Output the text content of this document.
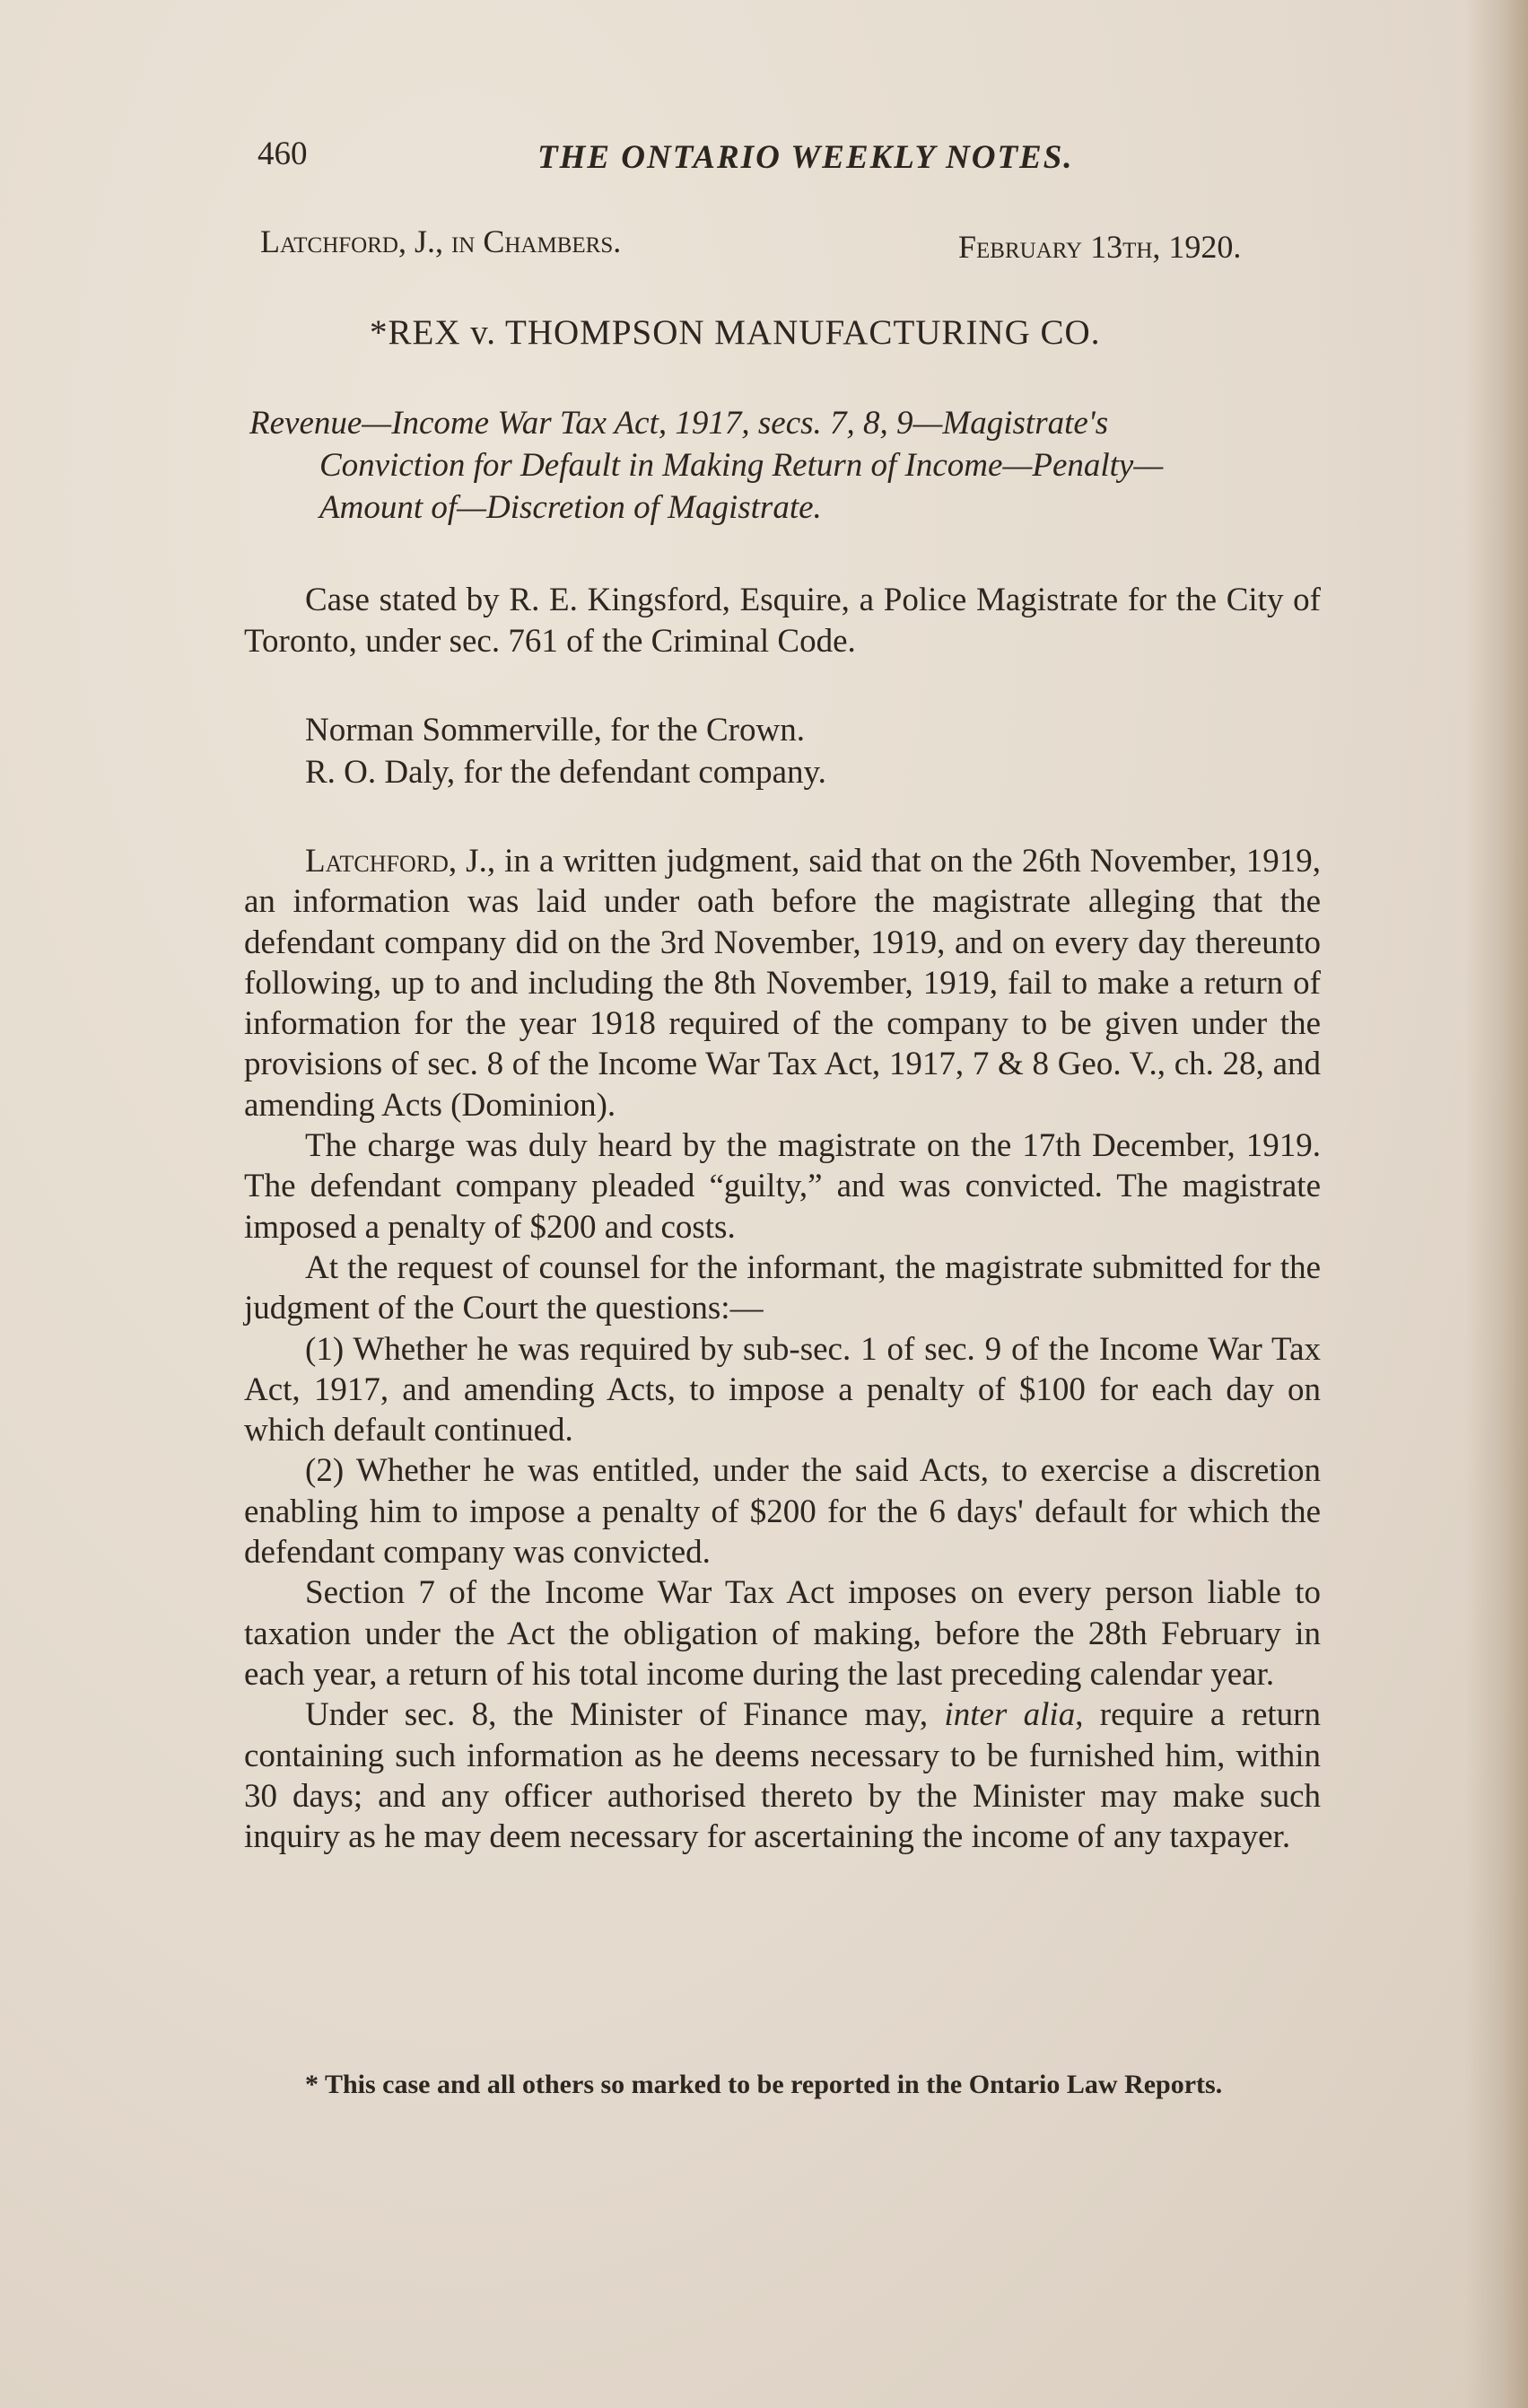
460	THE ONTARIO WEEKLY NOTES.
Latchford, J., in Chambers.	February 13th, 1920.
*REX v. THOMPSON MANUFACTURING CO.
Revenue—Income War Tax Act, 1917, secs. 7, 8, 9—Magistrate's
Conviction for Default in Making Return of Income—Penalty—
Amount of—Discretion of Magistrate.
Case stated by R. E. Kingsford, Esquire, a Police Magistrate for the City of Toronto, under sec. 761 of the Criminal Code.
Norman Sommerville, for the Crown.
R. O. Daly, for the defendant company.

Latchford, J., in a written judgment, said that on the 26th November, 1919, an information was laid under oath before the magistrate alleging that the defendant company did on the 3rd November, 1919, and on every day thereunto following, up to and including the 8th November, 1919, fail to make a return of information for the year 1918 required of the company to be given under the provisions of sec. 8 of the Income War Tax Act, 1917, 7 & 8 Geo. V., ch. 28, and amending Acts (Dominion).

The charge was duly heard by the magistrate on the 17th December, 1919. The defendant company pleaded “guilty,” and was convicted. The magistrate imposed a penalty of $200 and costs.

At the request of counsel for the informant, the magistrate submitted for the judgment of the Court the questions:—

(1) Whether he was required by sub-sec. 1 of sec. 9 of the Income War Tax Act, 1917, and amending Acts, to impose a penalty of $100 for each day on which default continued.

(2) Whether he was entitled, under the said Acts, to exercise a discretion enabling him to impose a penalty of $200 for the 6 days' default for which the defendant company was convicted.

Section 7 of the Income War Tax Act imposes on every person liable to taxation under the Act the obligation of making, before the 28th February in each year, a return of his total income during the last preceding calendar year.

Under sec. 8, the Minister of Finance may, inter alia, require a return containing such information as he deems necessary to be furnished him, within 30 days; and any officer authorised thereto by the Minister may make such inquiry as he may deem necessary for ascertaining the income of any taxpayer.

* This case and all others so marked to be reported in the Ontario Law Reports.
